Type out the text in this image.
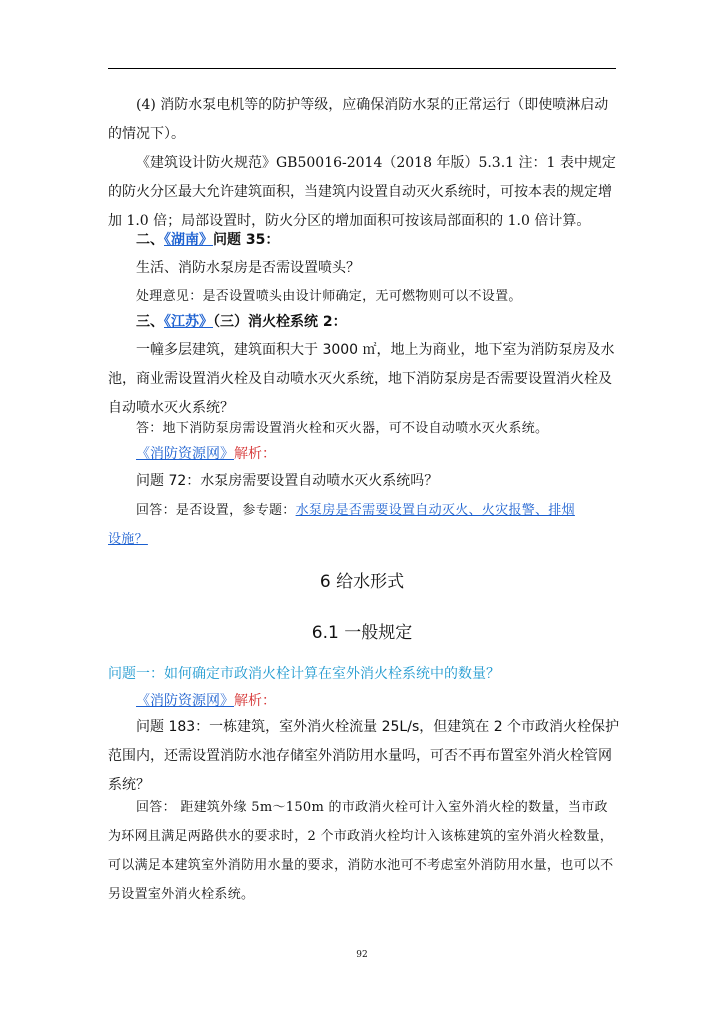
(4) 消防水泵电机等的防护等级，应确保消防水泵的正常运行（即使喷淋启动的情况下）。

《建筑设计防火规范》GB50016-2014（2018 年版）5.3.1 注：1 表中规定的防火分区最大允许建筑面积，当建筑内设置自动灭火系统时，可按本表的规定增加 1.0 倍；局部设置时，防火分区的增加面积可按该局部面积的 1.0 倍计算。

二、《湖南》问题 35：

生活、消防水泵房是否需设置喷头？

处理意见：是否设置喷头由设计师确定，无可燃物则可以不设置。

三、《江苏》（三）消火栓系统 2：

一幢多层建筑，建筑面积大于 3000 ㎡，地上为商业，地下室为消防泵房及水池，商业需设置消火栓及自动喷水灭火系统，地下消防泵房是否需要设置消火栓及自动喷水灭火系统？

答：地下消防泵房需设置消火栓和灭火器，可不设自动喷水灭火系统。

《消防资源网》解析：

问题 72：水泵房需要设置自动喷水灭火系统吗？

回答：是否设置，参专题：水泵房是否需要设置自动灭火、火灾报警、排烟
设施？

6 给水形式
6.1 一般规定

问题一：如何确定市政消火栓计算在室外消火栓系统中的数量？

《消防资源网》解析：

问题 183：一栋建筑，室外消火栓流量 25L/s，但建筑在 2 个市政消火栓保护范围内，还需设置消防水池存储室外消防用水量吗，可否不再布置室外消火栓管网系统？

回答： 距建筑外缘 5m～150m 的市政消火栓可计入室外消火栓的数量，当市政为环网且满足两路供水的要求时，2 个市政消火栓均计入该栋建筑的室外消火栓数量，可以满足本建筑室外消防用水量的要求，消防水池可不考虑室外消防用水量，也可以不另设置室外消火栓系统。

92
